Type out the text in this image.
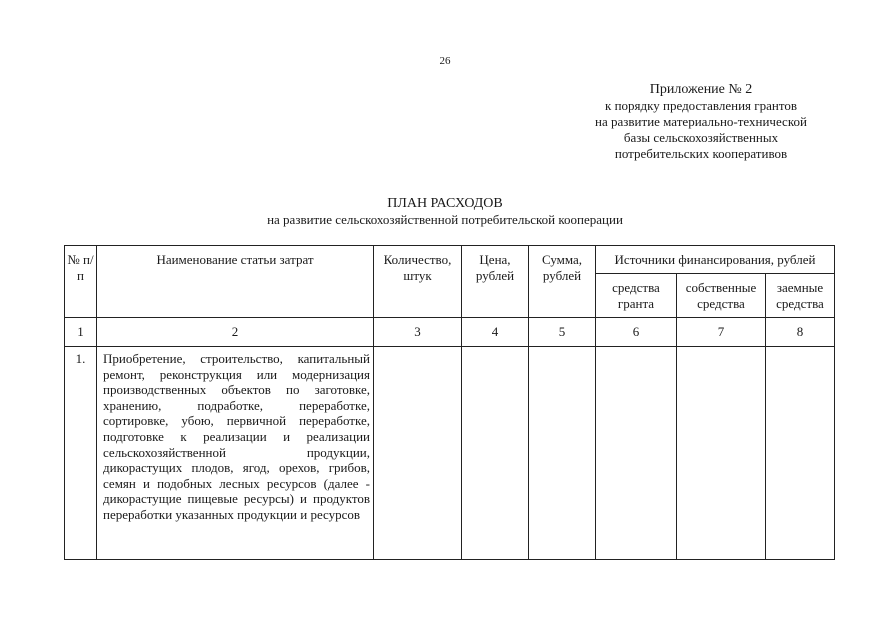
26
Приложение № 2
к порядку предоставления грантов
на развитие материально-технической
базы сельскохозяйственных
потребительских кооперативов
ПЛАН РАСХОДОВ
на развитие сельскохозяйственной потребительской кооперации
№ п/п	Наименование статьи затрат	Количество, штук	Цена, рублей	Сумма, рублей	Источники финансирования, рублей		
					средства гранта	собственные средства	заемные средства
1	2	3	4	5	6	7	8
1.	Приобретение, строительство, капитальный ремонт, реконструкция или модернизация производственных объектов по заготовке, хранению, подработке, переработке, сортировке, убою, первичной переработке, подготовке к реализации и реализации сельскохозяйственной продукции, дикорастущих плодов, ягод, орехов, грибов, семян и подобных лесных ресурсов (далее - дикорастущие пищевые ресурсы) и продуктов переработки указанных продукции и ресурсов						
